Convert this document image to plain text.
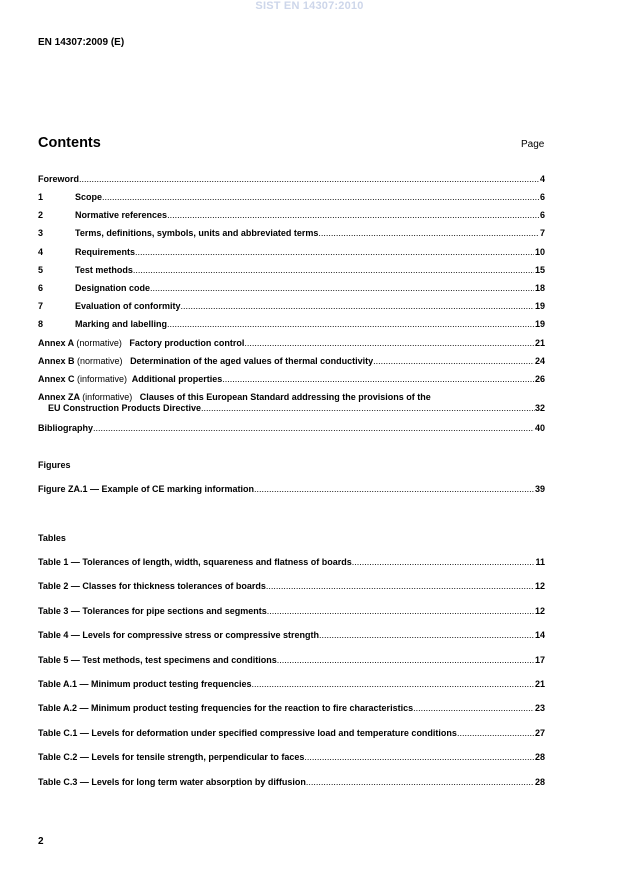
SIST EN 14307:2010
EN 14307:2009 (E)
Contents	Page
Foreword .....	4
1	Scope .....	6
2	Normative references .....	6
3	Terms, definitions, symbols, units and abbreviated terms .....	7
4	Requirements .....	10
5	Test methods .....	15
6	Designation code .....	18
7	Evaluation of conformity .....	19
8	Marking and labelling .....	19
Annex A (normative) Factory production control .....	21
Annex B (normative) Determination of the aged values of thermal conductivity .....	24
Annex C (informative) Additional properties .....	26
Annex ZA (informative) Clauses of this European Standard addressing the provisions of the
EU Construction Products Directive .....	32
Bibliography .....	40
Figures
Figure ZA.1 — Example of CE marking information .....	39
Tables
Table 1 — Tolerances of length, width, squareness and flatness of boards .....	11
Table 2 — Classes for thickness tolerances of boards .....	12
Table 3 — Tolerances for pipe sections and segments .....	12
Table 4 — Levels for compressive stress or compressive strength .....	14
Table 5 — Test methods, test specimens and conditions .....	17
Table A.1 — Minimum product testing frequencies .....	21
Table A.2 — Minimum product testing frequencies for the reaction to fire characteristics .....	23
Table C.1 — Levels for deformation under specified compressive load and temperature conditions .....	27
Table C.2 — Levels for tensile strength, perpendicular to faces .....	28
Table C.3 — Levels for long term water absorption by diffusion .....	28
2
